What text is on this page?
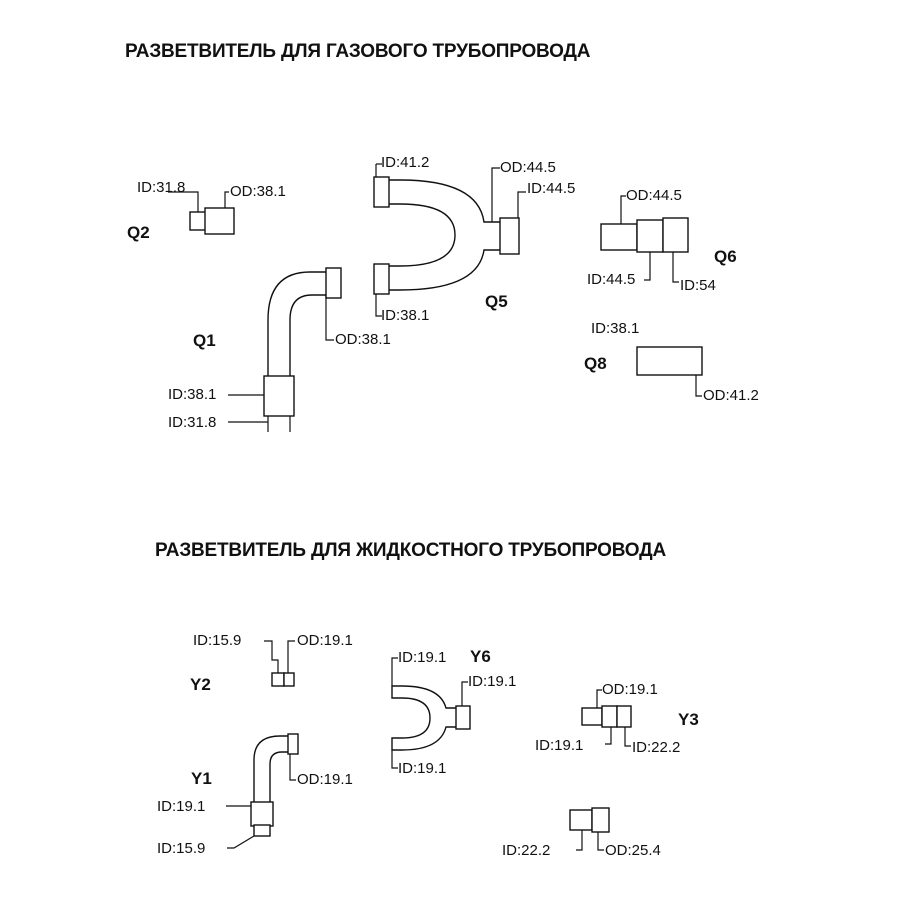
РАЗВЕТВИТЕЛЬ ДЛЯ ГАЗОВОГО ТРУБОПРОВОДА
РАЗВЕТВИТЕЛЬ ДЛЯ ЖИДКОСТНОГО ТРУБОПРОВОДА
ID:31.8	OD:38.1
Q2
Q1	OD:38.1
ID:38.1
ID:31.8
ID:41.2	OD:44.5
ID:44.5
ID:38.1
Q5
OD:44.5
Q6
ID:44.5	ID:54
ID:38.1
Q8
OD:41.2
ID:15.9	OD:19.1
Y2
ID:19.1 Y6
ID:19.1
ID:19.1
Y1	OD:19.1
ID:19.1
ID:15.9
OD:19.1
Y3
ID:19.1	ID:22.2
ID:22.2	OD:25.4
